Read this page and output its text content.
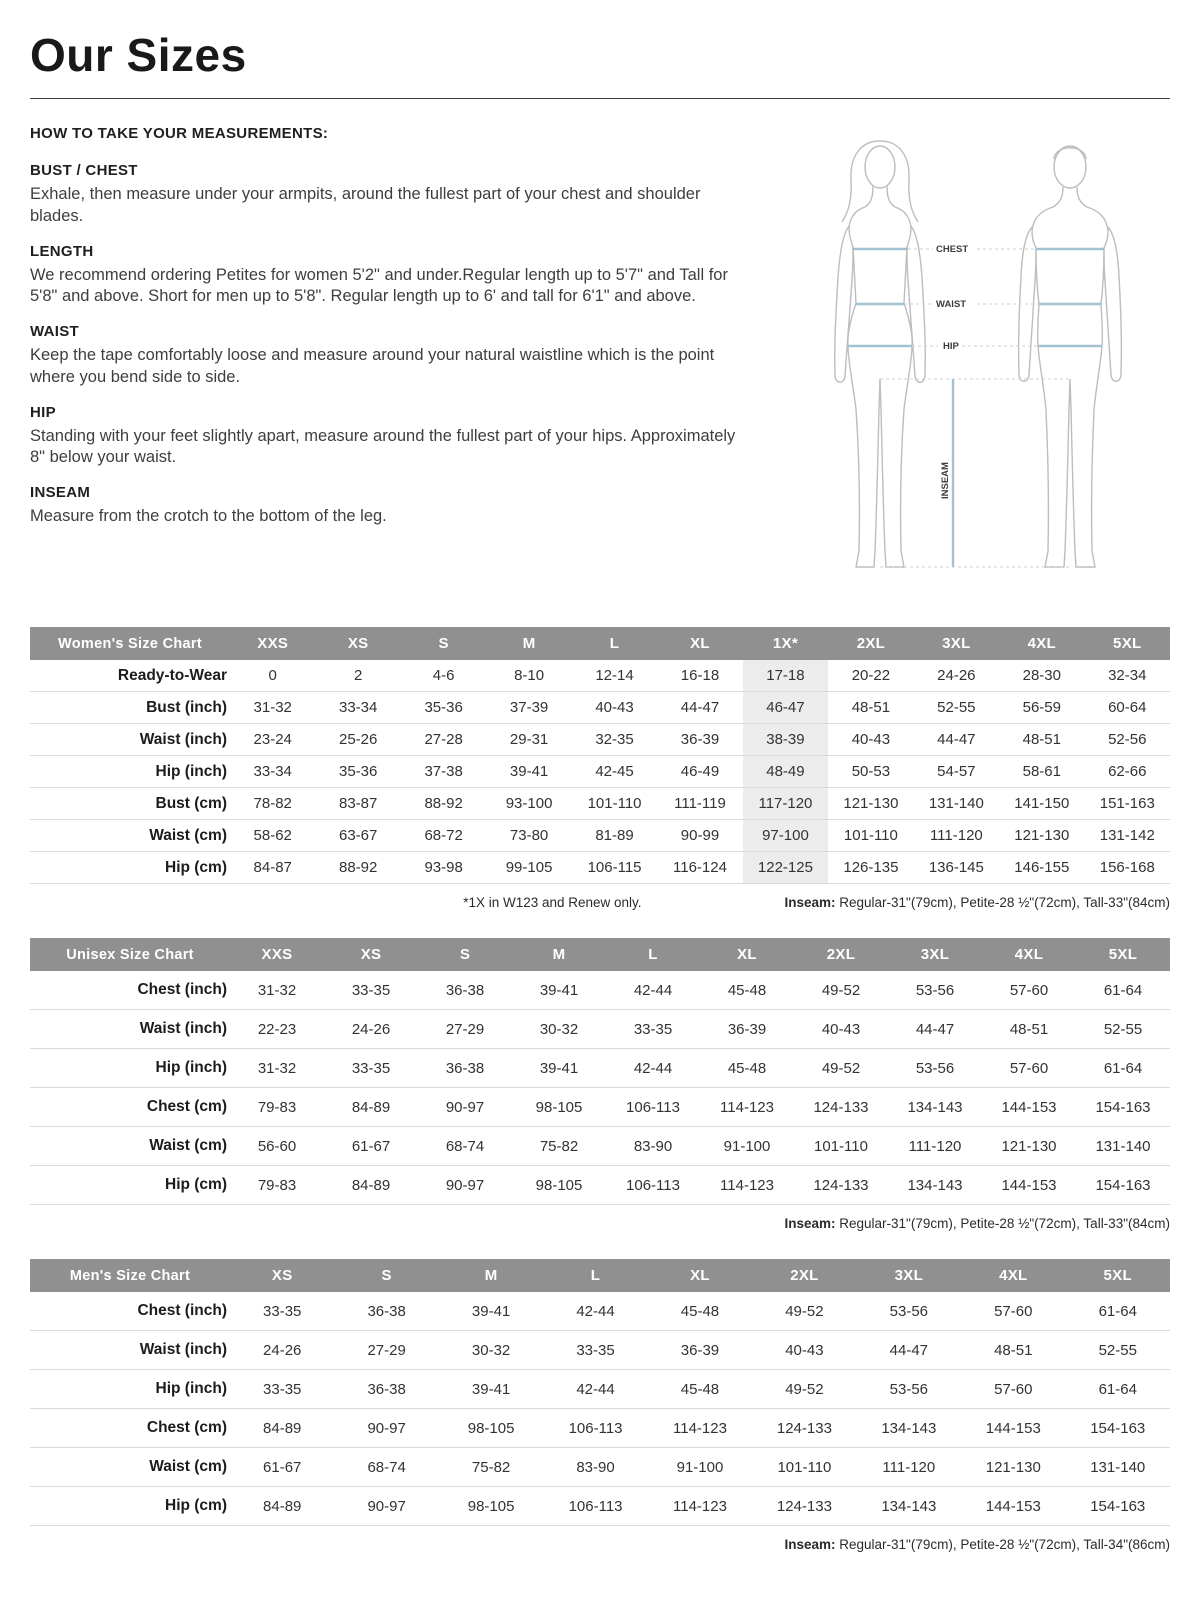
Our Sizes

HOW TO TAKE YOUR MEASUREMENTS:

BUST / CHEST

Exhale, then measure under your armpits, around the fullest part of your chest and shoulder blades.

LENGTH

We recommend ordering Petites for women 5'2" and under.Regular length up to 5'7" and Tall for 5'8" and above. Short for men up to 5'8". Regular length up to 6' and tall for 6'1" and above.

WAIST

Keep the tape comfortably loose and measure around your natural waistline which is the point where you bend side to side.

HIP

Standing with your feet slightly apart, measure around the fullest part of your hips. Approximately 8" below your waist.

INSEAM

Measure from the crotch to the bottom of the leg.

CHEST
WAIST
HIP
INSEAM
Women's Size Chart	XXS	XS	S	M	L	XL	1X*	2XL	3XL	4XL	5XL
Ready-to-Wear	0	2	4-6	8-10	12-14	16-18	17-18	20-22	24-26	28-30	32-34
Bust (inch)	31-32	33-34	35-36	37-39	40-43	44-47	46-47	48-51	52-55	56-59	60-64
Waist (inch)	23-24	25-26	27-28	29-31	32-35	36-39	38-39	40-43	44-47	48-51	52-56
Hip (inch)	33-34	35-36	37-38	39-41	42-45	46-49	48-49	50-53	54-57	58-61	62-66
Bust (cm)	78-82	83-87	88-92	93-100	101-110	111-119	117-120	121-130	131-140	141-150	151-163
Waist (cm)	58-62	63-67	68-72	73-80	81-89	90-99	97-100	101-110	111-120	121-130	131-142
Hip (cm)	84-87	88-92	93-98	99-105	106-115	116-124	122-125	126-135	136-145	146-155	156-168
*1X in W123 and Renew only.	Inseam: Regular-31"(79cm), Petite-28 ½"(72cm), Tall-33"(84cm)
Unisex Size Chart	XXS	XS	S	M	L	XL	2XL	3XL	4XL	5XL
Chest (inch)	31-32	33-35	36-38	39-41	42-44	45-48	49-52	53-56	57-60	61-64
Waist (inch)	22-23	24-26	27-29	30-32	33-35	36-39	40-43	44-47	48-51	52-55
Hip (inch)	31-32	33-35	36-38	39-41	42-44	45-48	49-52	53-56	57-60	61-64
Chest (cm)	79-83	84-89	90-97	98-105	106-113	114-123	124-133	134-143	144-153	154-163
Waist (cm)	56-60	61-67	68-74	75-82	83-90	91-100	101-110	111-120	121-130	131-140
Hip (cm)	79-83	84-89	90-97	98-105	106-113	114-123	124-133	134-143	144-153	154-163
Inseam: Regular-31"(79cm), Petite-28 ½"(72cm), Tall-33"(84cm)
Men's Size Chart	XS	S	M	L	XL	2XL	3XL	4XL	5XL
Chest (inch)	33-35	36-38	39-41	42-44	45-48	49-52	53-56	57-60	61-64
Waist (inch)	24-26	27-29	30-32	33-35	36-39	40-43	44-47	48-51	52-55
Hip (inch)	33-35	36-38	39-41	42-44	45-48	49-52	53-56	57-60	61-64
Chest (cm)	84-89	90-97	98-105	106-113	114-123	124-133	134-143	144-153	154-163
Waist (cm)	61-67	68-74	75-82	83-90	91-100	101-110	111-120	121-130	131-140
Hip (cm)	84-89	90-97	98-105	106-113	114-123	124-133	134-143	144-153	154-163
Inseam: Regular-31"(79cm), Petite-28 ½"(72cm), Tall-34"(86cm)
